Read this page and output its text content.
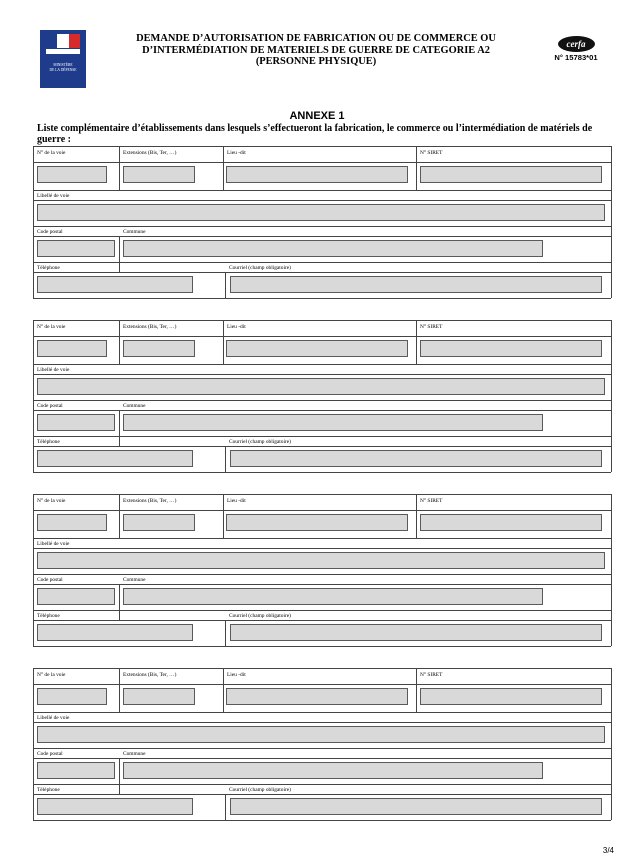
MINISTÈRE
DE LA DÉFENSE
DEMANDE D’AUTORISATION DE FABRICATION OU DE COMMERCE OU
D’INTERMÉDIATION DE MATERIELS DE GUERRE DE CATEGORIE A2
(PERSONNE PHYSIQUE)
cerfa
N° 15783*01
ANNEXE 1
Liste complémentaire d’établissements dans lesquels s’effectueront la fabrication, le commerce ou l’intermédiation de matériels de guerre :
N° de la voie	Extensions (Bis, Ter, …)	Lieu -dit	N° SIRET
Libellé de voie
Code postal	Commune
Téléphone	Courriel (champ obligatoire)
N° de la voie	Extensions (Bis, Ter, …)	Lieu -dit	N° SIRET
Libellé de voie
Code postal	Commune
Téléphone	Courriel (champ obligatoire)
N° de la voie	Extensions (Bis, Ter, …)	Lieu -dit	N° SIRET
Libellé de voie
Code postal	Commune
Téléphone	Courriel (champ obligatoire)
N° de la voie	Extensions (Bis, Ter, …)	Lieu -dit	N° SIRET
Libellé de voie
Code postal	Commune
Téléphone	Courriel (champ obligatoire)
3/4
